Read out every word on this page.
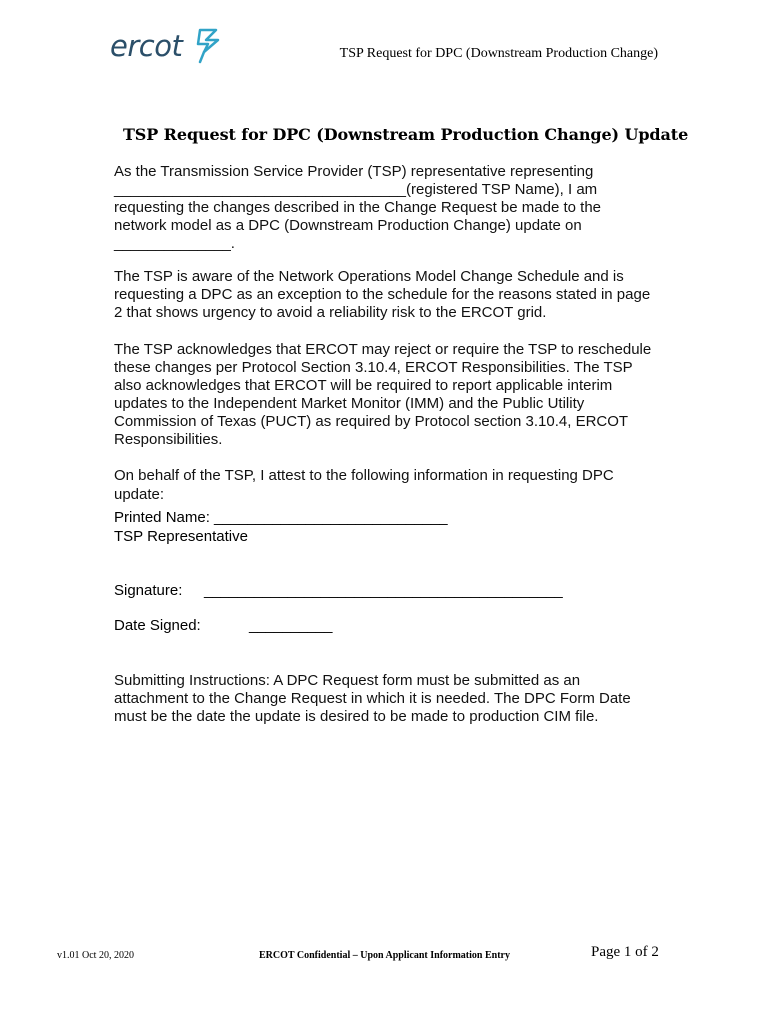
ercot	TSP Request for DPC (Downstream Production Change)
TSP Request for DPC (Downstream Production Change) Update
As the Transmission Service Provider (TSP) representative representing ___________________________________(registered TSP Name), I am requesting the changes described in the Change Request be made to the network model as a DPC (Downstream Production Change) update on ______________.
The TSP is aware of the Network Operations Model Change Schedule and is requesting a DPC as an exception to the schedule for the reasons stated in page 2 that shows urgency to avoid a reliability risk to the ERCOT grid.
The TSP acknowledges that ERCOT may reject or require the TSP to reschedule these changes per Protocol Section 3.10.4, ERCOT Responsibilities. The TSP also acknowledges that ERCOT will be required to report applicable interim updates to the Independent Market Monitor (IMM) and the Public Utility Commission of Texas (PUCT) as required by Protocol section 3.10.4, ERCOT Responsibilities.
On behalf of the TSP, I attest to the following information in requesting DPC update:
Printed Name: ____________________________
TSP Representative
Signature: ___________________________________________
Date Signed:	__________
Submitting Instructions: A DPC Request form must be submitted as an attachment to the Change Request in which it is needed. The DPC Form Date must be the date the update is desired to be made to production CIM file.
v1.01 Oct 20, 2020	ERCOT Confidential – Upon Applicant Information Entry	Page 1 of 2
